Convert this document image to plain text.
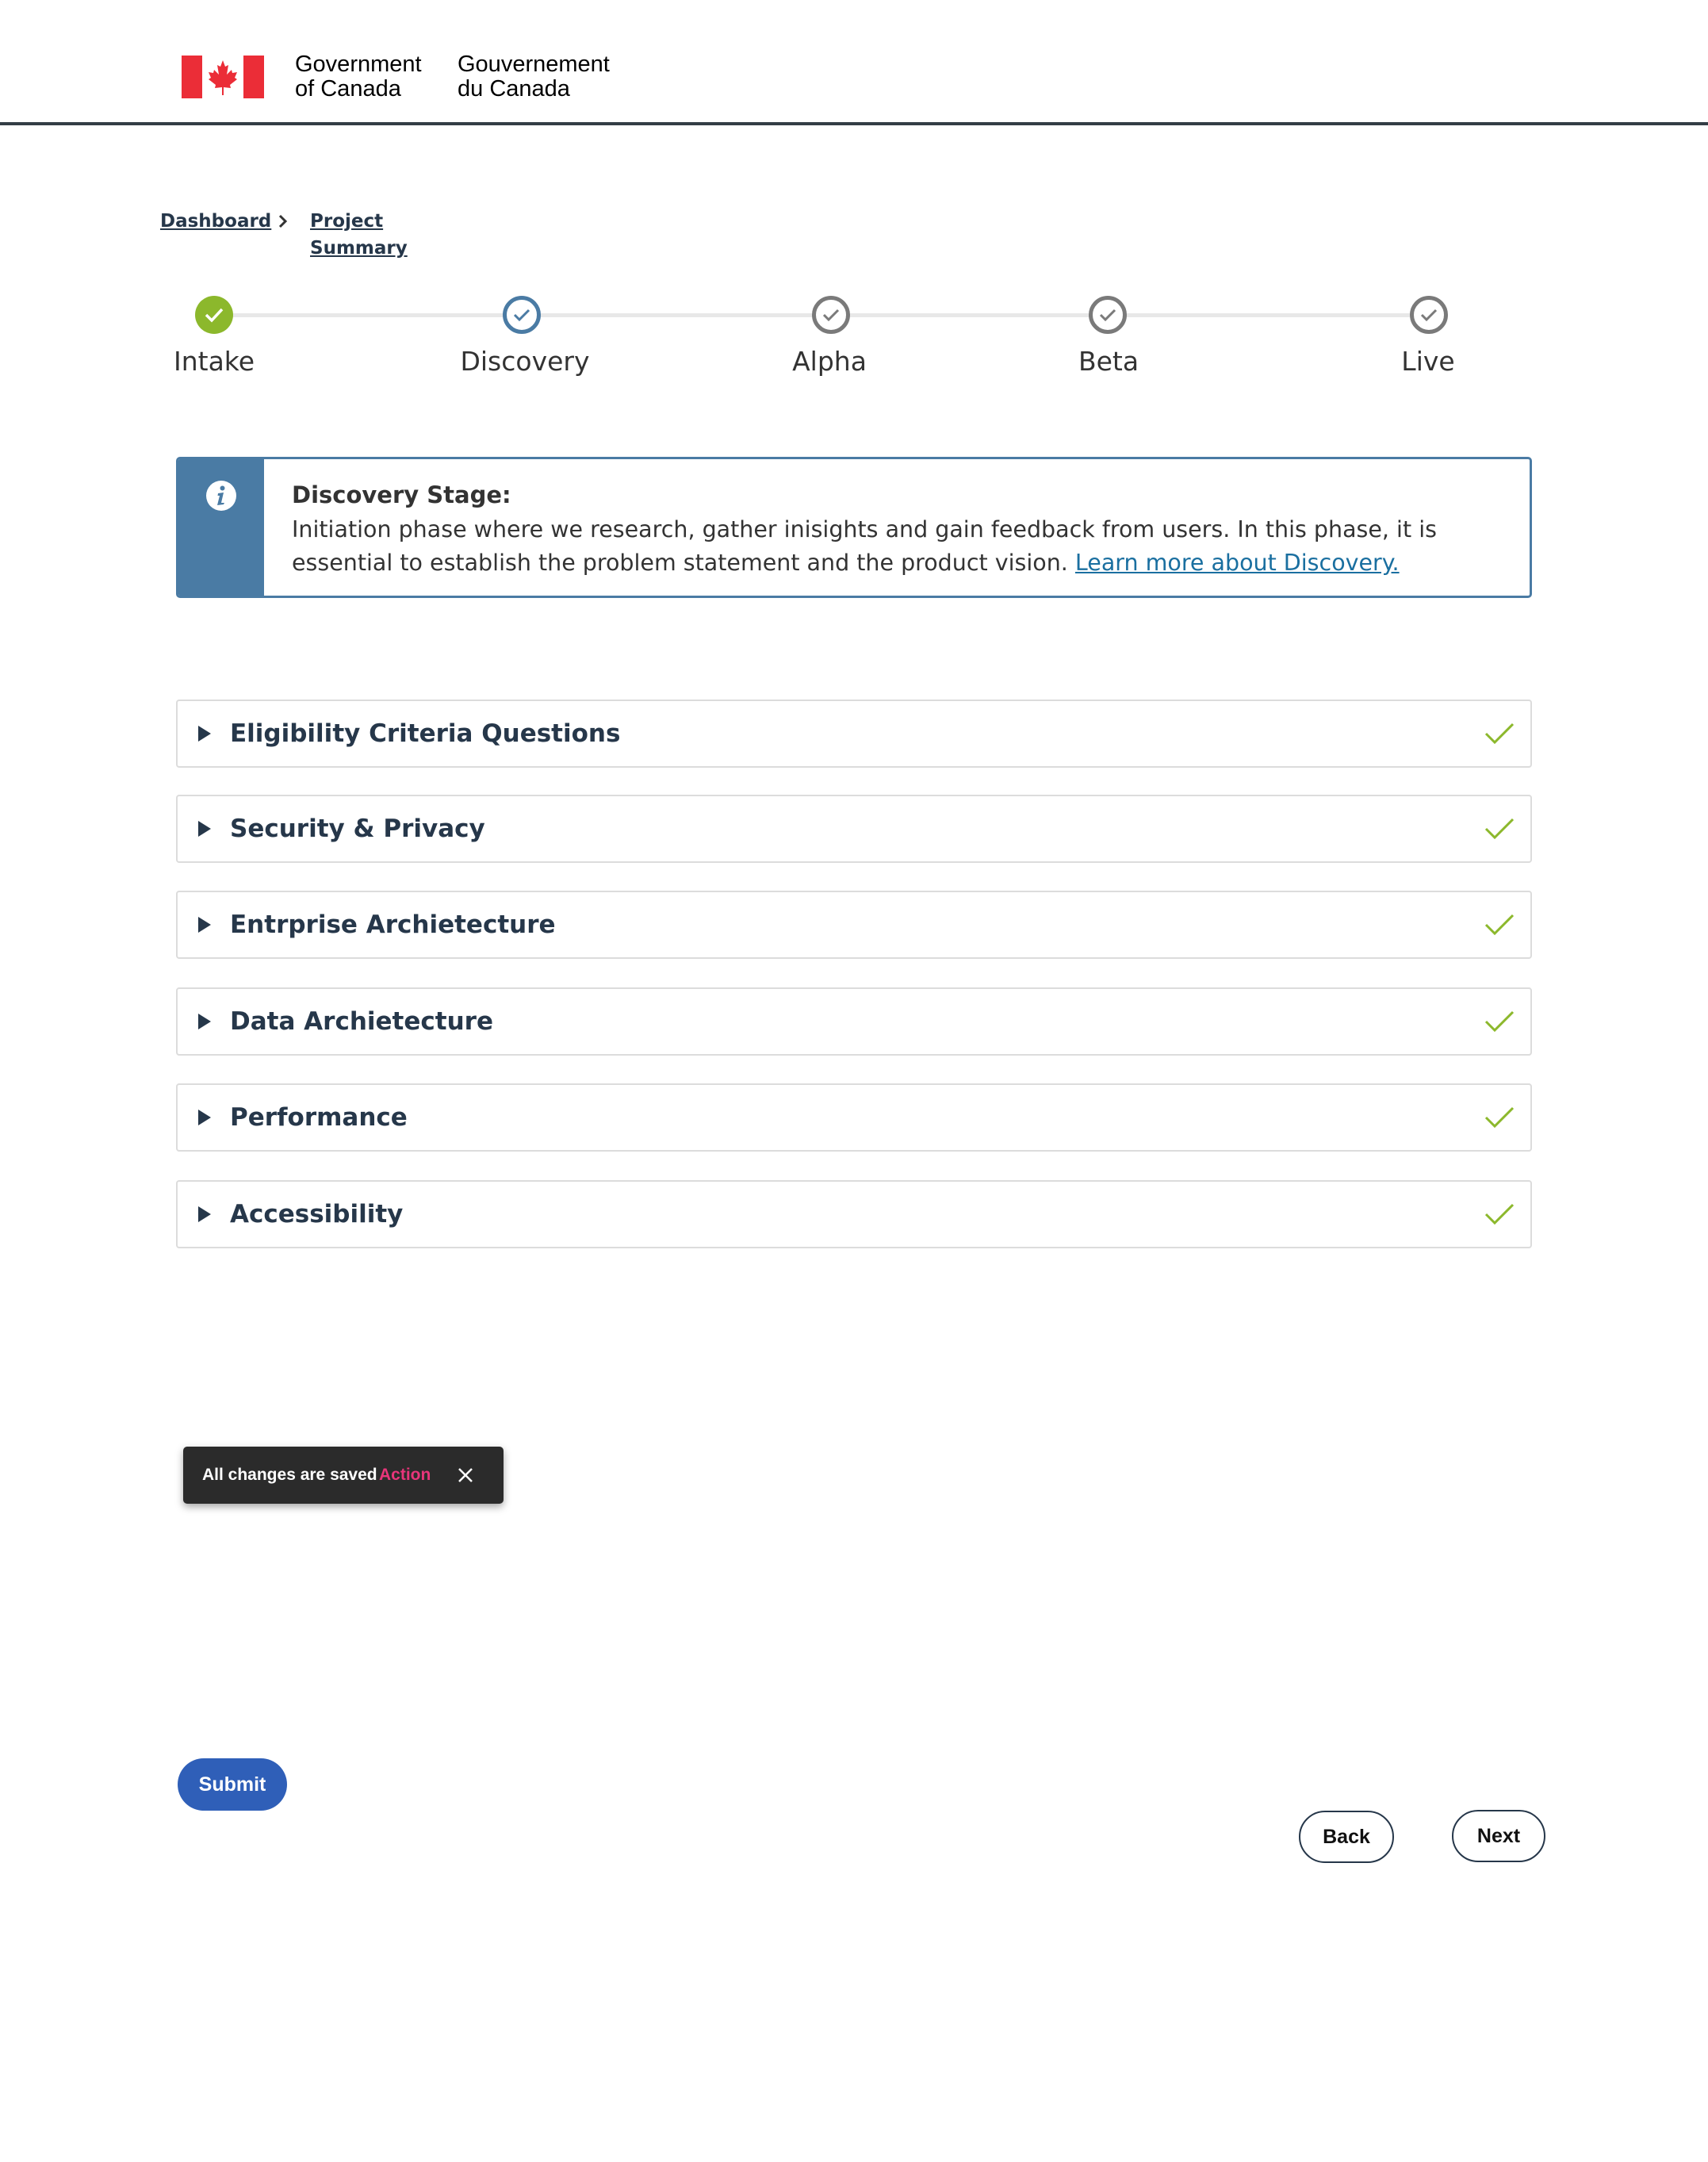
Government
of Canada
Gouvernement
du Canada
Dashboard Project
Summary
Intake	Discovery	Alpha	Beta	Live
Discovery Stage:
Initiation phase where we research, gather inisights and gain feedback from users. In this phase, it is essential to establish the problem statement and the product vision. Learn more about Discovery.
Eligibility Criteria Questions
Security & Privacy
Entrprise Archietecture
Data Archietecture
Performance
Accessibility
All changes are saved Action
Submit
Back	Next
